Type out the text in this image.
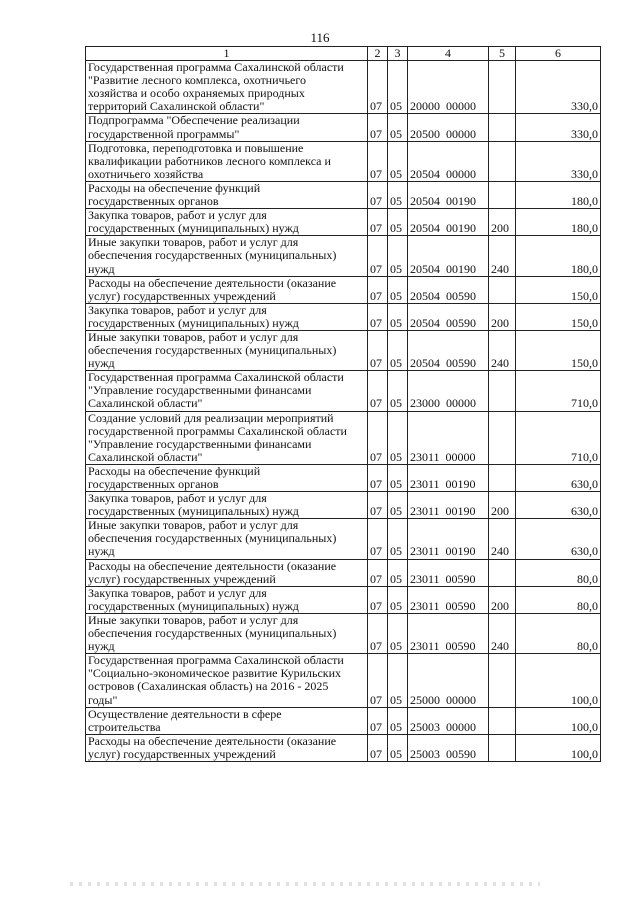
116
1	2	3	4	5	6
Государственная программа Сахалинской области
"Развитие лесного комплекса, охотничьего
хозяйства и особо охраняемых природных
территорий Сахалинской области"	07	05	20000  00000		330,0
Подпрограмма "Обеспечение реализации
государственной программы"	07	05	20500  00000		330,0
Подготовка, переподготовка и повышение
квалификации работников лесного комплекса и
охотничьего хозяйства	07	05	20504  00000		330,0
Расходы на обеспечение функций
государственных органов	07	05	20504  00190		180,0
Закупка товаров, работ и услуг для
государственных (муниципальных) нужд	07	05	20504  00190	200	180,0
Иные закупки товаров, работ и услуг для
обеспечения государственных (муниципальных)
нужд	07	05	20504  00190	240	180,0
Расходы на обеспечение деятельности (оказание
услуг) государственных учреждений	07	05	20504  00590		150,0
Закупка товаров, работ и услуг для
государственных (муниципальных) нужд	07	05	20504  00590	200	150,0
Иные закупки товаров, работ и услуг для
обеспечения государственных (муниципальных)
нужд	07	05	20504  00590	240	150,0
Государственная программа Сахалинской области
"Управление государственными финансами
Сахалинской области"	07	05	23000  00000		710,0
Создание условий для реализации мероприятий
государственной программы Сахалинской области
"Управление государственными финансами
Сахалинской области"	07	05	23011  00000		710,0
Расходы на обеспечение функций
государственных органов	07	05	23011  00190		630,0
Закупка товаров, работ и услуг для
государственных (муниципальных) нужд	07	05	23011  00190	200	630,0
Иные закупки товаров, работ и услуг для
обеспечения государственных (муниципальных)
нужд	07	05	23011  00190	240	630,0
Расходы на обеспечение деятельности (оказание
услуг) государственных учреждений	07	05	23011  00590		80,0
Закупка товаров, работ и услуг для
государственных (муниципальных) нужд	07	05	23011  00590	200	80,0
Иные закупки товаров, работ и услуг для
обеспечения государственных (муниципальных)
нужд	07	05	23011  00590	240	80,0
Государственная программа Сахалинской области
"Социально-экономическое развитие Курильских
островов (Сахалинская область) на 2016 - 2025
годы"	07	05	25000  00000		100,0
Осуществление деятельности в сфере
строительства	07	05	25003  00000		100,0
Расходы на обеспечение деятельности (оказание
услуг) государственных учреждений	07	05	25003  00590		100,0
